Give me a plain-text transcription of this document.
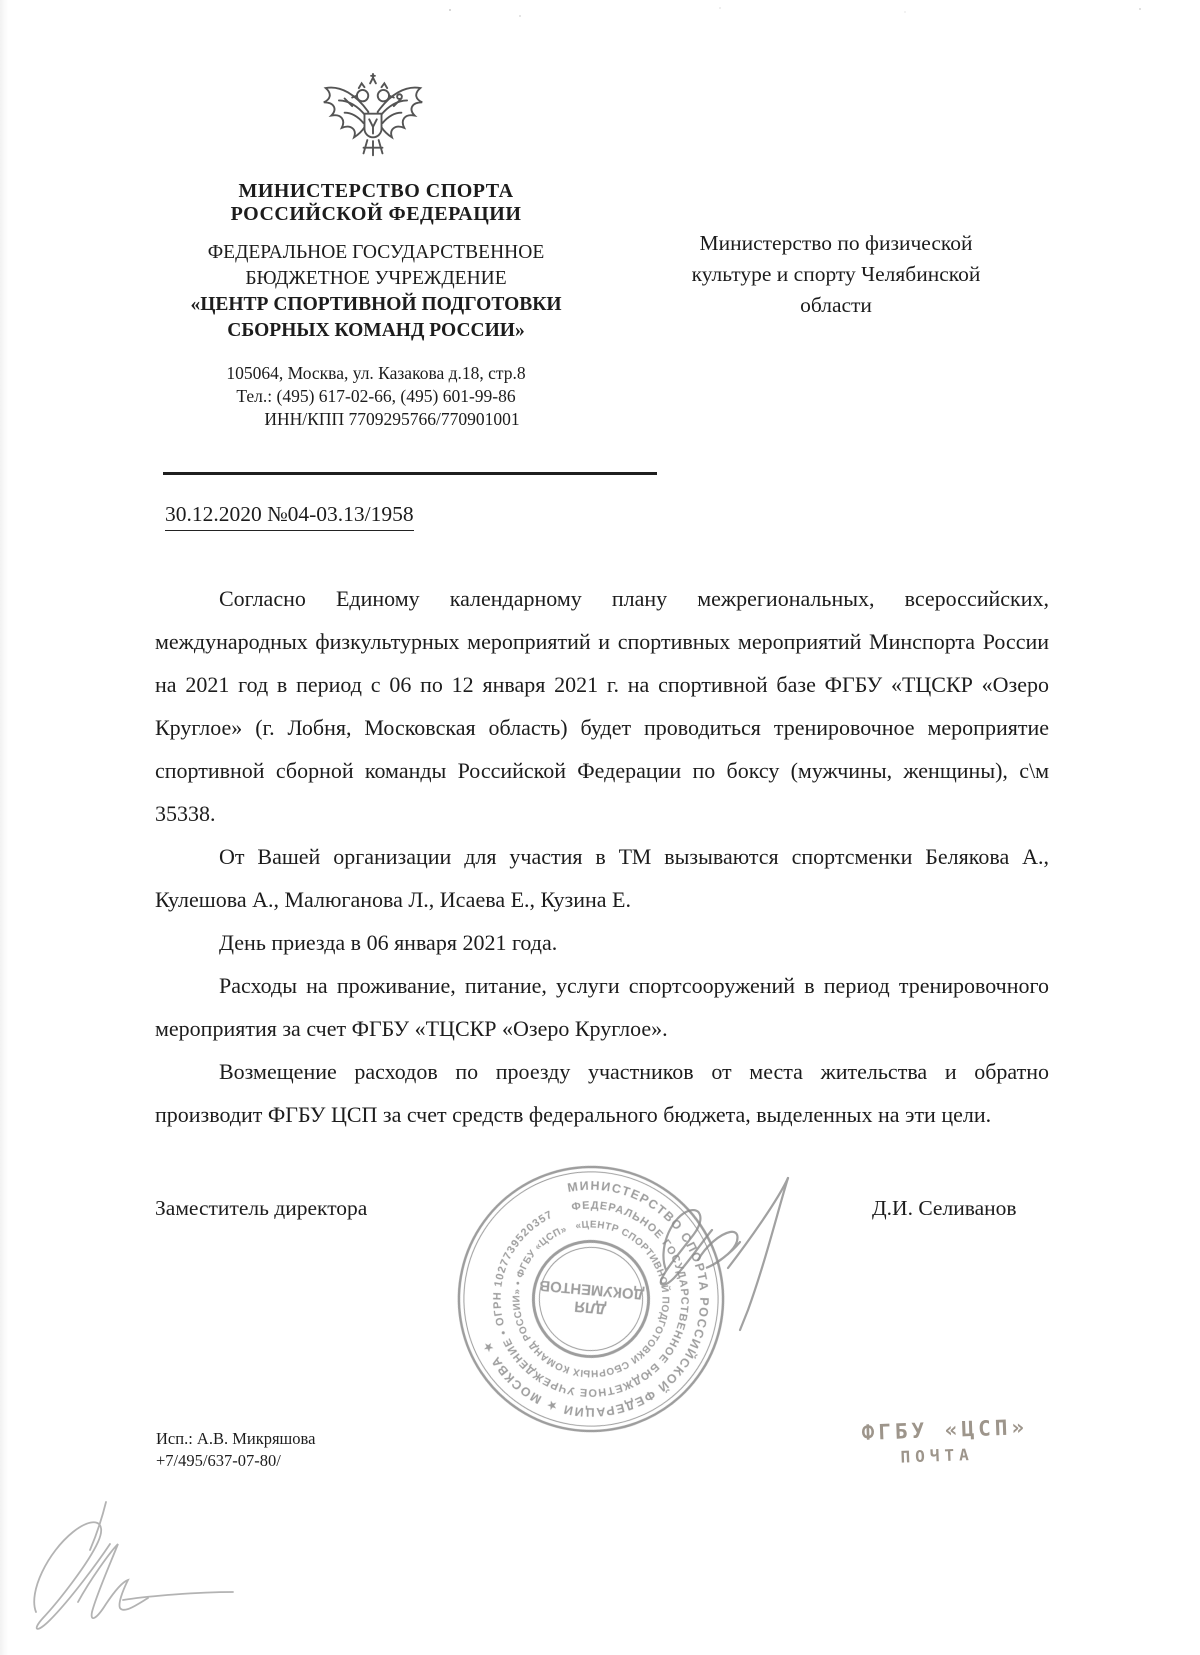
МИНИСТЕРСТВО СПОРТА
РОССИЙСКОЙ ФЕДЕРАЦИИ
ФЕДЕРАЛЬНОЕ ГОСУДАРСТВЕННОЕ
БЮДЖЕТНОЕ УЧРЕЖДЕНИЕ
«ЦЕНТР СПОРТИВНОЙ ПОДГОТОВКИ
СБОРНЫХ КОМАНД РОССИИ»
105064, Москва, ул. Казакова д.18, стр.8
Тел.: (495) 617-02-66, (495) 601-99-86
ИНН/КПП 7709295766/770901001
Министерство по физической
культуре и спорту Челябинской
области
30.12.2020 №04-03.13/1958

Согласно Единому календарному плану межрегиональных, всероссийских, международных физкультурных мероприятий и спортивных мероприятий Минспорта России на 2021 год в период с 06 по 12 января 2021 г. на спортивной базе ФГБУ «ТЦСКР «Озеро Круглое» (г. Лобня, Московская область) будет проводиться тренировочное мероприятие спортивной сборной команды Российской Федерации по боксу (мужчины, женщины), с\м 35338.

От Вашей организации для участия в ТМ вызываются спортсменки Белякова А., Кулешова А., Малюганова Л., Исаева Е., Кузина Е.

День приезда в 06 января 2021 года.

Расходы на проживание, питание, услуги спортсооружений в период тренировочного мероприятия за счет ФГБУ «ТЦСКР «Озеро Круглое».

Возмещение расходов по проезду участников от места жительства и обратно производит ФГБУ ЦСП за счет средств федерального бюджета, выделенных на эти цели.

Заместитель директора	Д.И. Селиванов
МИНИСТЕРСТВО СПОРТА РОССИЙСКОЙ ФЕДЕРАЦИИ ★ МОСКВА ★
ФЕДЕРАЛЬНОЕ ГОСУДАРСТВЕННОЕ БЮДЖЕТНОЕ УЧРЕЖДЕНИЕ • ОГРН 1027739520357
«ЦЕНТР СПОРТИВНОЙ ПОДГОТОВКИ СБОРНЫХ КОМАНД РОССИИ» • ФГБУ «ЦСП»
ДЛЯ
ДОКУМЕНТОВ
Исп.: А.В. Микряшова
+7/495/637-07-80/
ФГБУ «ЦСП»
ПОЧТА
